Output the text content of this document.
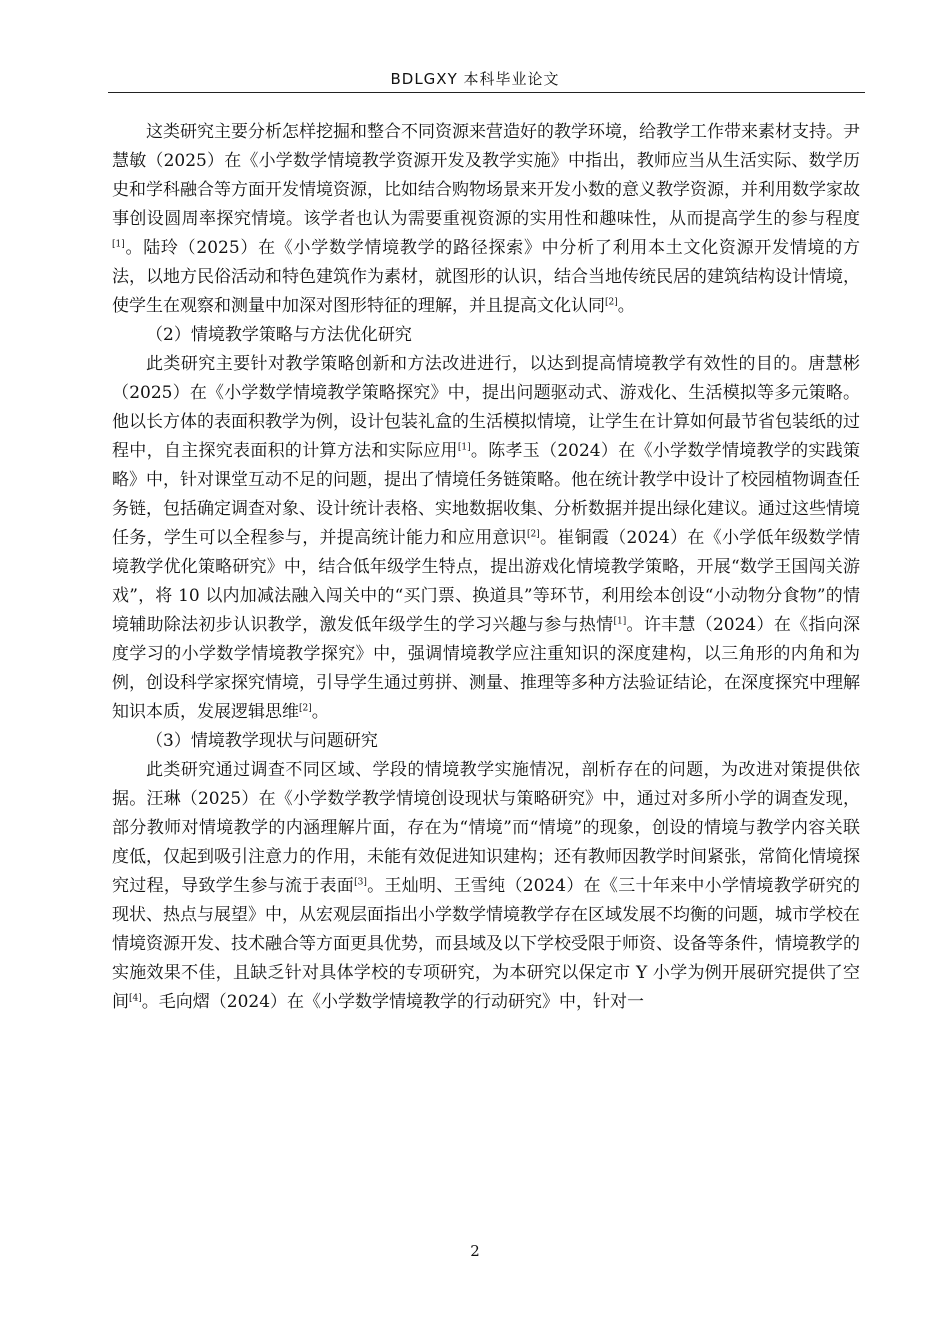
BDLGXY 本科毕业论文

这类研究主要分析怎样挖掘和整合不同资源来营造好的教学环境，给教学工作带来素材支持。尹慧敏（2025）在《小学数学情境教学资源开发及教学实施》中指出，教师应当从生活实际、数学历史和学科融合等方面开发情境资源，比如结合购物场景来开发小数的意义教学资源，并利用数学家故事创设圆周率探究情境。该学者也认为需要重视资源的实用性和趣味性，从而提高学生的参与程度[1]。陆玲（2025）在《小学数学情境教学的路径探索》中分析了利用本土文化资源开发情境的方法，以地方民俗活动和特色建筑作为素材，就图形的认识，结合当地传统民居的建筑结构设计情境，使学生在观察和测量中加深对图形特征的理解，并且提高文化认同[2]。

（2）情境教学策略与方法优化研究

此类研究主要针对教学策略创新和方法改进进行，以达到提高情境教学有效性的目的。唐慧彬（2025）在《小学数学情境教学策略探究》中，提出问题驱动式、游戏化、生活模拟等多元策略。他以长方体的表面积教学为例，设计包装礼盒的生活模拟情境，让学生在计算如何最节省包装纸的过程中，自主探究表面积的计算方法和实际应用[1]。陈孝玉（2024）在《小学数学情境教学的实践策略》中，针对课堂互动不足的问题，提出了情境任务链策略。他在统计教学中设计了校园植物调查任务链，包括确定调查对象、设计统计表格、实地数据收集、分析数据并提出绿化建议。通过这些情境任务，学生可以全程参与，并提高统计能力和应用意识[2]。崔铜霞（2024）在《小学低年级数学情境教学优化策略研究》中，结合低年级学生特点，提出游戏化情境教学策略，开展“数学王国闯关游戏”，将 10 以内加减法融入闯关中的“买门票、换道具”等环节，利用绘本创设“小动物分食物”的情境辅助除法初步认识教学，激发低年级学生的学习兴趣与参与热情[1]。许丰慧（2024）在《指向深度学习的小学数学情境教学探究》中，强调情境教学应注重知识的深度建构，以三角形的内角和为例，创设科学家探究情境，引导学生通过剪拼、测量、推理等多种方法验证结论，在深度探究中理解知识本质，发展逻辑思维[2]。

（3）情境教学现状与问题研究

此类研究通过调查不同区域、学段的情境教学实施情况，剖析存在的问题，为改进对策提供依据。汪琳（2025）在《小学数学教学情境创设现状与策略研究》中，通过对多所小学的调查发现，部分教师对情境教学的内涵理解片面，存在为“情境”而“情境”的现象，创设的情境与教学内容关联度低，仅起到吸引注意力的作用，未能有效促进知识建构；还有教师因教学时间紧张，常简化情境探究过程，导致学生参与流于表面[3]。王灿明、王雪纯（2024）在《三十年来中小学情境教学研究的现状、热点与展望》中，从宏观层面指出小学数学情境教学存在区域发展不均衡的问题，城市学校在情境资源开发、技术融合等方面更具优势，而县域及以下学校受限于师资、设备等条件，情境教学的实施效果不佳，且缺乏针对具体学校的专项研究，为本研究以保定市 Y 小学为例开展研究提供了空间[4]。毛向熠（2024）在《小学数学情境教学的行动研究》中，针对一

2
